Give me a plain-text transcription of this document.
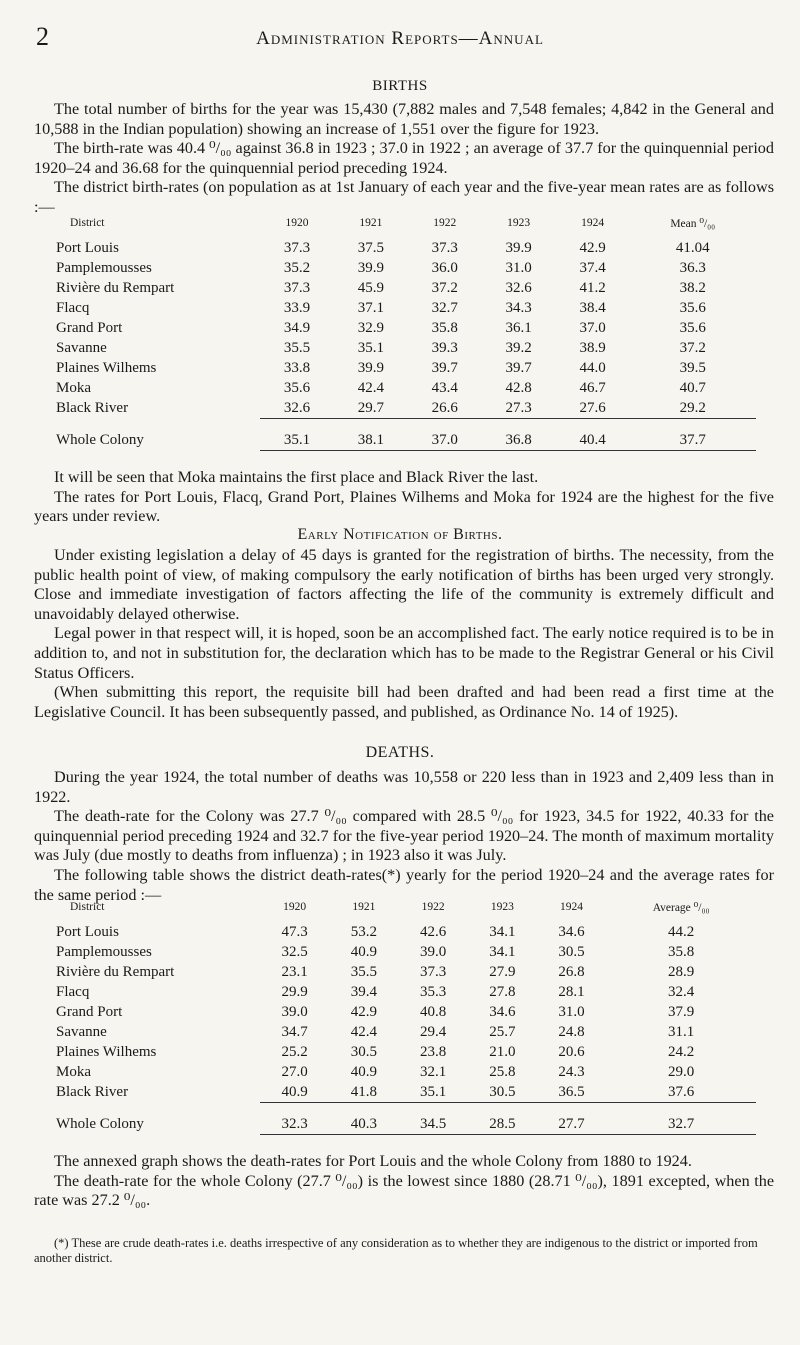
2	Administration Reports—Annual
BIRTHS

The total number of births for the year was 15,430 (7,882 males and 7,548 females; 4,842 in the General and 10,588 in the Indian population) showing an increase of 1,551 over the figure for 1923.

The birth-rate was 40.4 ⁰/₀₀ against 36.8 in 1923 ; 37.0 in 1922 ; an average of 37.7 for the quinquennial period 1920–24 and 36.68 for the quinquennial period preceding 1924.

The district birth-rates (on population as at 1st January of each year and the five-year mean rates are as follows :—

District	1920	1921	1922	1923	1924	Mean ⁰/₀₀
Port Louis	37.3	37.5	37.3	39.9	42.9	41.04
Pamplemousses	35.2	39.9	36.0	31.0	37.4	36.3
Rivière du Rempart	37.3	45.9	37.2	32.6	41.2	38.2
Flacq	33.9	37.1	32.7	34.3	38.4	35.6
Grand Port	34.9	32.9	35.8	36.1	37.0	35.6
Savanne	35.5	35.1	39.3	39.2	38.9	37.2
Plaines Wilhems	33.8	39.9	39.7	39.7	44.0	39.5
Moka	35.6	42.4	43.4	42.8	46.7	40.7
Black River	32.6	29.7	26.6	27.3	27.6	29.2
Whole Colony	35.1	38.1	37.0	36.8	40.4	37.7

It will be seen that Moka maintains the first place and Black River the last.

The rates for Port Louis, Flacq, Grand Port, Plaines Wilhems and Moka for 1924 are the highest for the five years under review.

Early Notification of Births.

Under existing legislation a delay of 45 days is granted for the registration of births. The necessity, from the public health point of view, of making compulsory the early notification of births has been urged very strongly. Close and immediate investigation of factors affecting the life of the community is extremely difficult and unavoidably delayed otherwise.

Legal power in that respect will, it is hoped, soon be an accomplished fact. The early notice required is to be in addition to, and not in substitution for, the declaration which has to be made to the Registrar General or his Civil Status Officers.

(When submitting this report, the requisite bill had been drafted and had been read a first time at the Legislative Council. It has been subsequently passed, and published, as Ordinance No. 14 of 1925).

DEATHS.

During the year 1924, the total number of deaths was 10,558 or 220 less than in 1923 and 2,409 less than in 1922.

The death-rate for the Colony was 27.7 ⁰/₀₀ compared with 28.5 ⁰/₀₀ for 1923, 34.5 for 1922, 40.33 for the quinquennial period preceding 1924 and 32.7 for the five-year period 1920–24. The month of maximum mortality was July (due mostly to deaths from influenza) ; in 1923 also it was July.

The following table shows the district death-rates(*) yearly for the period 1920–24 and the average rates for the same period :—

District	1920	1921	1922	1923	1924	Average ⁰/₀₀
Port Louis	47.3	53.2	42.6	34.1	34.6	44.2
Pamplemousses	32.5	40.9	39.0	34.1	30.5	35.8
Rivière du Rempart	23.1	35.5	37.3	27.9	26.8	28.9
Flacq	29.9	39.4	35.3	27.8	28.1	32.4
Grand Port	39.0	42.9	40.8	34.6	31.0	37.9
Savanne	34.7	42.4	29.4	25.7	24.8	31.1
Plaines Wilhems	25.2	30.5	23.8	21.0	20.6	24.2
Moka	27.0	40.9	32.1	25.8	24.3	29.0
Black River	40.9	41.8	35.1	30.5	36.5	37.6
Whole Colony	32.3	40.3	34.5	28.5	27.7	32.7

The annexed graph shows the death-rates for Port Louis and the whole Colony from 1880 to 1924.

The death-rate for the whole Colony (27.7 ⁰/₀₀) is the lowest since 1880 (28.71 ⁰/₀₀), 1891 excepted, when the rate was 27.2 ⁰/₀₀.

(*) These are crude death-rates i.e. deaths irrespective of any consideration as to whether they are indigenous to the district or imported from another district.
